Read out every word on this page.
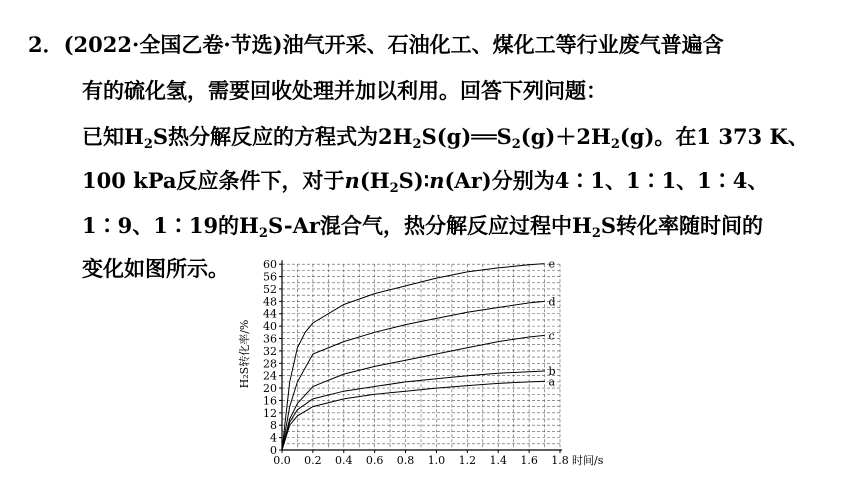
2．(2022·全国乙卷·节选)油气开采、石油化工、煤化工等行业废气普遍含
有的硫化氢，需要回收处理并加以利用。回答下列问题：
已知$H_2S$热分解反应的方程式为$2H_2S(g)══S_2(g)+2H_2(g)$。在1 373 K、
100 kPa反应条件下，对于$n(H_2S)∶n(Ar)$分别为4∶1、1∶1、1∶4、
1∶9、1∶19的$H_2S-Ar$混合气，热分解反应过程中$H_2S$转化率随时间的
变化如图所示。
0.0 0.2 0.4 0.6 0.8 1.0 1.2 1.4 1.6 1.8 时间/s
0
4
8
12
16
20
24
28
32
36
40
44
48
52
56
60
H₂S转化率/%	a
b
c
d
e
